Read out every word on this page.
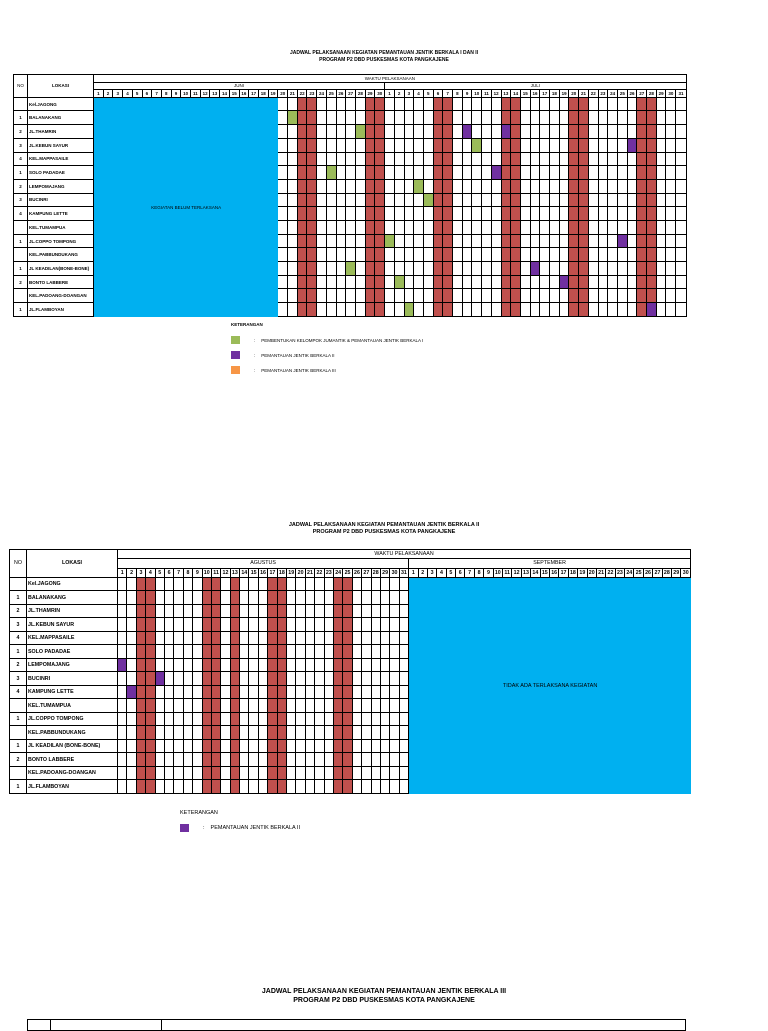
JADWAL PELAKSANAAN KEGIATAN PEMANTAUAN JENTIK BERKALA I DAN II
PROGRAM P2 DBD PUSKESMAS KOTA PANGKAJENE
NO	LOKASI	WAKTU PELAKSANAAN																																																												
		JUNI																														JULI																														
		1	2	3	4	5	6	7	8	9	10	11	12	13	14	15	16	17	18	19	20	21	22	23	24	25	26	27	28	29	30	1	2	3	4	5	6	7	8	9	10	11	12	13	14	15	16	17	18	19	20	21	22	23	24	25	26	27	28	29	30	31
	Kel.JAGONG																																																													
1	BALANAKANG																																																													
2	JL.THAMRIN																																																													
3	JL.KEBUN SAYUR																																																													
4	KEL.MAPPASAILE																																																													
1	SOLO PADADAE																																																													
2	LEMPOMAJANG																																																													
3	BUCINRI																																																													
4	KAMPUNG LETTE																																																													
	KEL.TUMAMPUA																																																													
1	JL.COPPO TOMPONG																																																													
	KEL.PABBUNDUKANG																																																													
1	JL KEADILAN(BONE-BONE)																																																													
2	BONTO LABBERE																																																													
	KEL.PADOANG-DOANGAN																																																													
1	JL.FLAMBOYAN																																																													
KEGIATAN BELUM TERLAKSANA
KETERANGAN
: PEMBENTUKAN KELOMPOK JUMANTIK & PEMANTAUAN JENTIK BERKALA I
: PEMANTAUAN JENTIK BERKALA II
: PEMANTAUAN JENTIK BERKALA III
JADWAL PELAKSANAAN KEGIATAN PEMANTAUAN JENTIK BERKALA II
PROGRAM P2 DBD PUSKESMAS KOTA PANGKAJENE
NO	LOKASI	WAKTU PELAKSANAAN																																																												
		AGUSTUS																															SEPTEMBER																													
		1	2	3	4	5	6	7	8	9	10	11	12	13	14	15	16	17	18	19	20	21	22	23	24	25	26	27	28	29	30	31	1	2	3	4	5	6	7	8	9	10	11	12	13	14	15	16	17	18	19	20	21	22	23	24	25	26	27	28	29	30
	Kel.JAGONG																																																													
1	BALANAKANG																																																													
2	JL.THAMRIN																																																													
3	JL.KEBUN SAYUR																																																													
4	KEL.MAPPASAILE																																																													
1	SOLO PADADAE																																																													
2	LEMPOMAJANG																																																													
3	BUCINRI																																																													
4	KAMPUNG LETTE																																																													
	KEL.TUMAMPUA																																																													
1	JL.COPPO TOMPONG																																																													
	KEL.PABBUNDUKANG																																																													
1	JL KEADILAN (BONE-BONE)																																																													
2	BONTO LABBERE																																																													
	KEL.PADOANG-DOANGAN																																																													
1	JL.FLAMBOYAN																																																													
TIDAK ADA TERLAKSANA KEGIATAN
KETERANGAN
: PEMANTAUAN JENTIK BERKALA II
JADWAL PELAKSANAAN KEGIATAN PEMANTAUAN JENTIK BERKALA III
PROGRAM P2 DBD PUSKESMAS KOTA PANGKAJENE
